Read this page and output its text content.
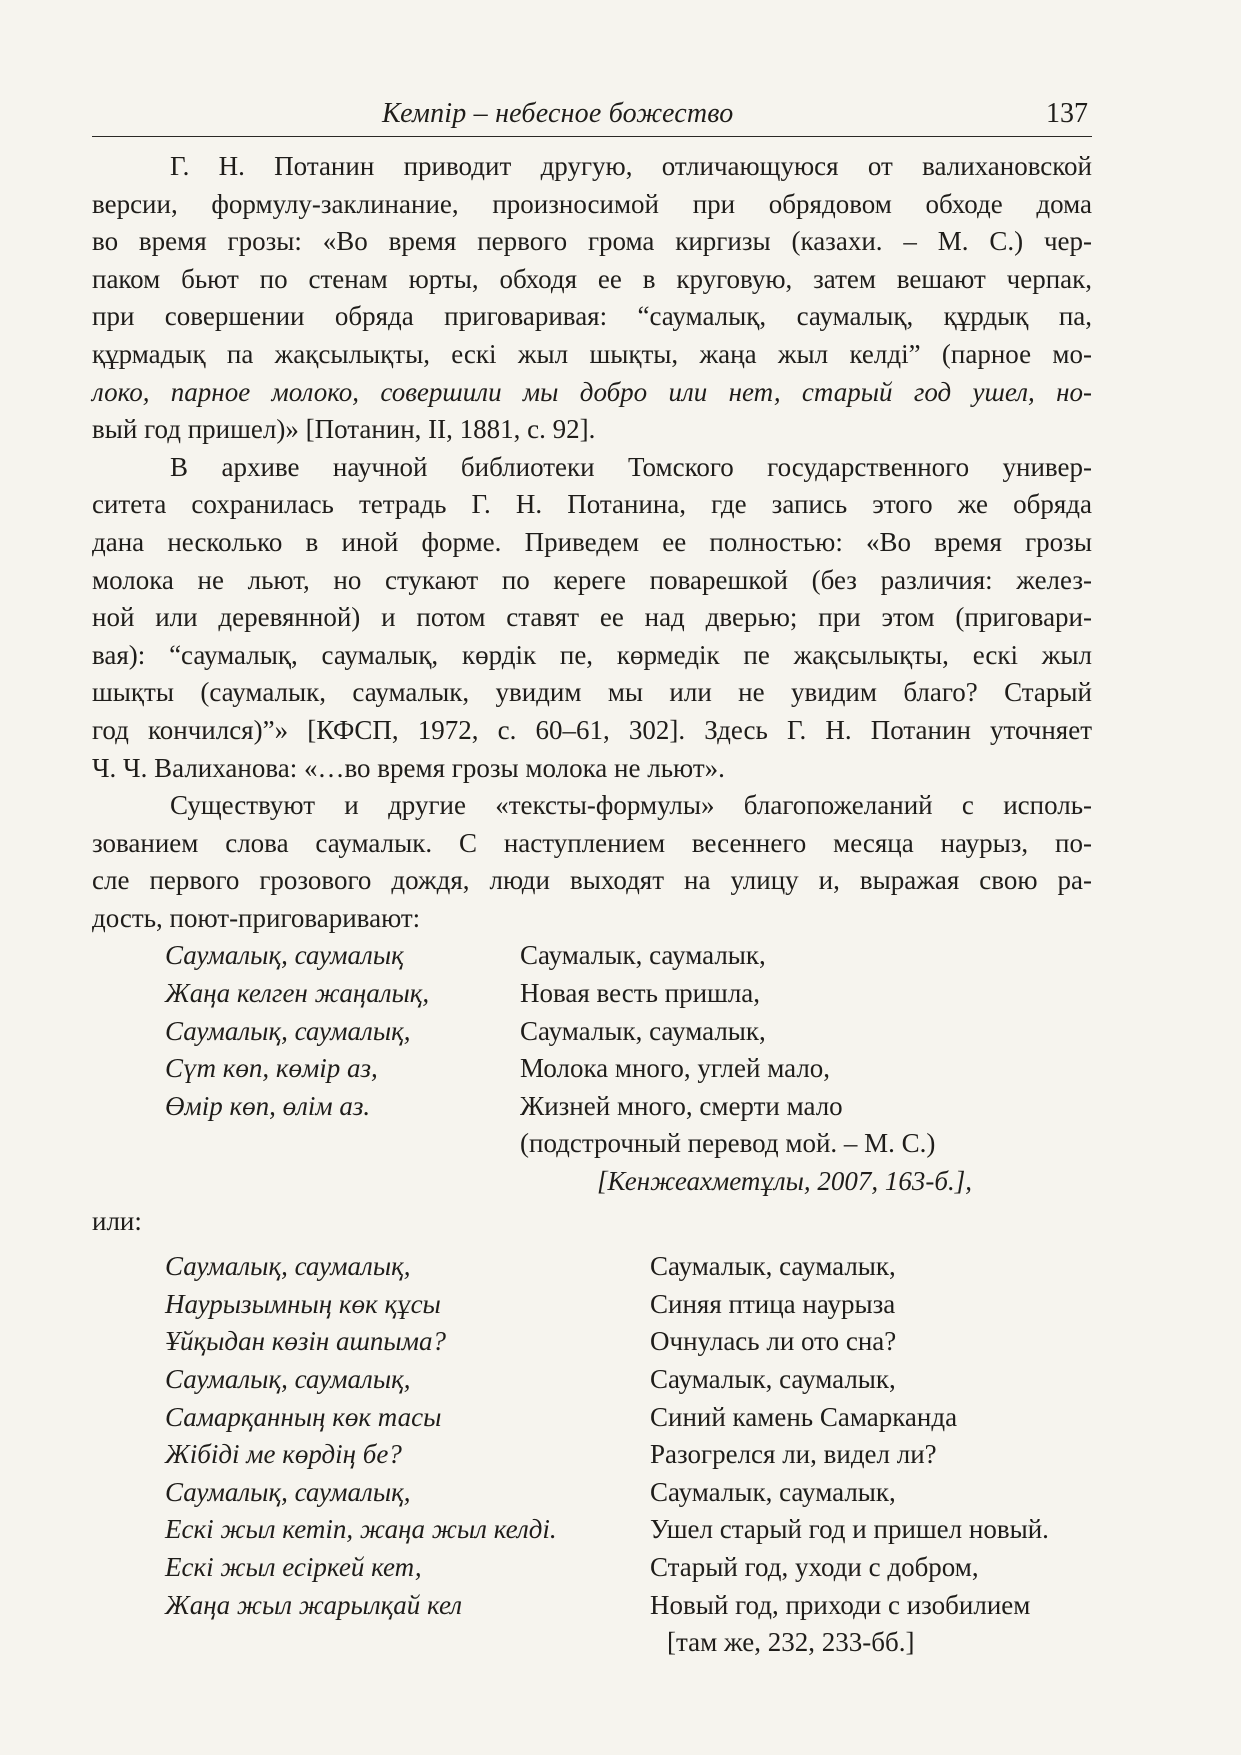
Кемпір – небесное божество	137
Г. Н. Потанин приводит другую, отличающуюся от валихановской
версии, формулу-заклинание, произносимой при обрядовом обходе дома
во время грозы: «Во время первого грома киргизы (казахи. – М. С.) чер-
паком бьют по стенам юрты, обходя ее в круговую, затем вешают черпак,
при совершении обряда приговаривая: “саумалық, саумалық, құрдық па,
құрмадық па жақсылықты, ескі жыл шықты, жаңа жыл келді” (парное мо-
локо, парное молоко, совершили мы добро или нет, старый год ушел, но-
вый год пришел)» [Потанин, II, 1881, с. 92].
В архиве научной библиотеки Томского государственного универ-
ситета сохранилась тетрадь Г. Н. Потанина, где запись этого же обряда
дана несколько в иной форме. Приведем ее полностью: «Во время грозы
молока не льют, но стукают по кереге поварешкой (без различия: желез-
ной или деревянной) и потом ставят ее над дверью; при этом (приговари-
вая): “саумалық, саумалық, көрдік пе, көрмедік пе жақсылықты, ескі жыл
шықты (саумалык, саумалык, увидим мы или не увидим благо? Старый
год кончился)”» [КФСП, 1972, с. 60–61, 302]. Здесь Г. Н. Потанин уточняет
Ч. Ч. Валиханова: «…во время грозы молока не льют».
Существуют и другие «тексты-формулы» благопожеланий с исполь-
зованием слова саумалык. С наступлением весеннего месяца наурыз, по-
сле первого грозового дождя, люди выходят на улицу и, выражая свою ра-
дость, поют-приговаривают:
Саумалық, саумалық	Саумалык, саумалык,
Жаңа келген жаңалық,	Новая весть пришла,
Саумалық, саумалық,	Саумалык, саумалык,
Сүт көп, көмір аз,	Молока много, углей мало,
Өмір көп, өлім аз.	Жизней много, смерти мало
(подстрочный перевод мой. – М. С.)
[Кенжеахметұлы, 2007, 163-б.],
или:
Саумалық, саумалық,	Саумалык, саумалык,
Наурызымның көк құсы	Синяя птица наурыза
Ұйқыдан көзін ашпыма?	Очнулась ли ото сна?
Саумалық, саумалық,	Саумалык, саумалык,
Самарқанның көк тасы	Синий камень Самарканда
Жібіді ме көрдің бе?	Разогрелся ли, видел ли?
Саумалық, саумалық,	Саумалык, саумалык,
Ескі жыл кетіп, жаңа жыл келді.	Ушел старый год и пришел новый.
Ескі жыл есіркей кет,	Старый год, уходи с добром,
Жаңа жыл жарылқай кел	Новый год, приходи с изобилием
[там же, 232, 233-бб.]
